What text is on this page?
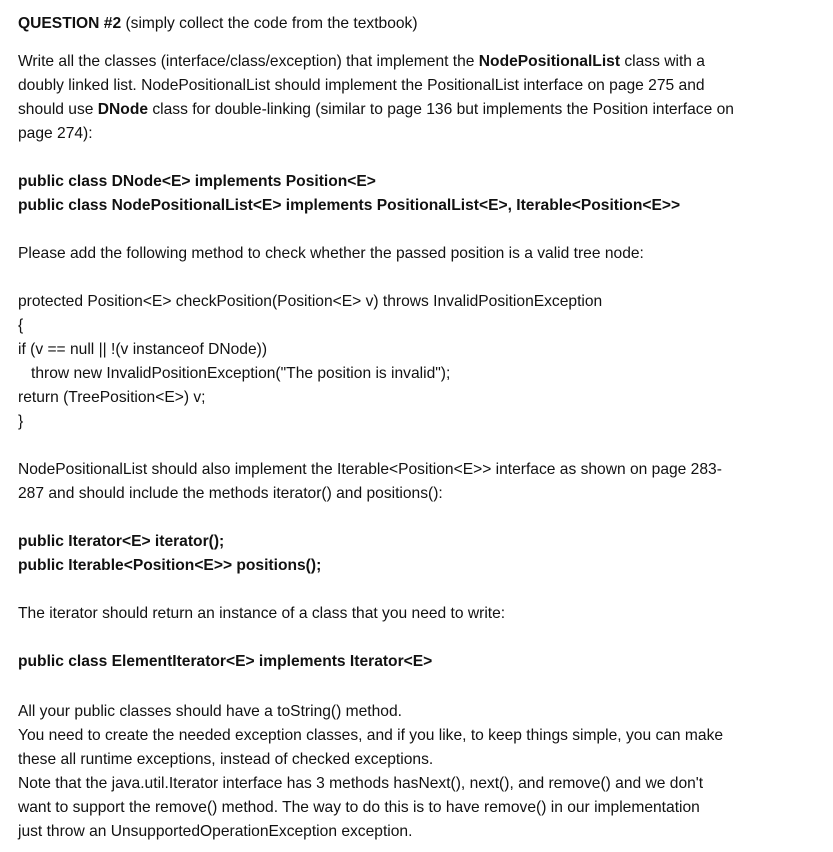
QUESTION #2 (simply collect the code from the textbook)
Write all the classes (interface/class/exception) that implement the NodePositionalList class with a
doubly linked list. NodePositionalList should implement the PositionalList interface on page 275 and
should use DNode class for double-linking (similar to page 136 but implements the Position interface on
page 274):
public class DNode<E> implements Position<E>
public class NodePositionalList<E> implements PositionalList<E>, Iterable<Position<E>>
Please add the following method to check whether the passed position is a valid tree node:
protected Position<E> checkPosition(Position<E> v) throws InvalidPositionException
{
if (v == null || !(v instanceof DNode))
throw new InvalidPositionException("The position is invalid");
return (TreePosition<E>) v;
}
NodePositionalList should also implement the Iterable<Position<E>> interface as shown on page 283-
287 and should include the methods iterator() and positions():
public Iterator<E> iterator();
public Iterable<Position<E>> positions();
The iterator should return an instance of a class that you need to write:
public class ElementIterator<E> implements Iterator<E>
All your public classes should have a toString() method.
You need to create the needed exception classes, and if you like, to keep things simple, you can make
these all runtime exceptions, instead of checked exceptions.
Note that the java.util.Iterator interface has 3 methods hasNext(), next(), and remove() and we don't
want to support the remove() method. The way to do this is to have remove() in our implementation
just throw an UnsupportedOperationException exception.
